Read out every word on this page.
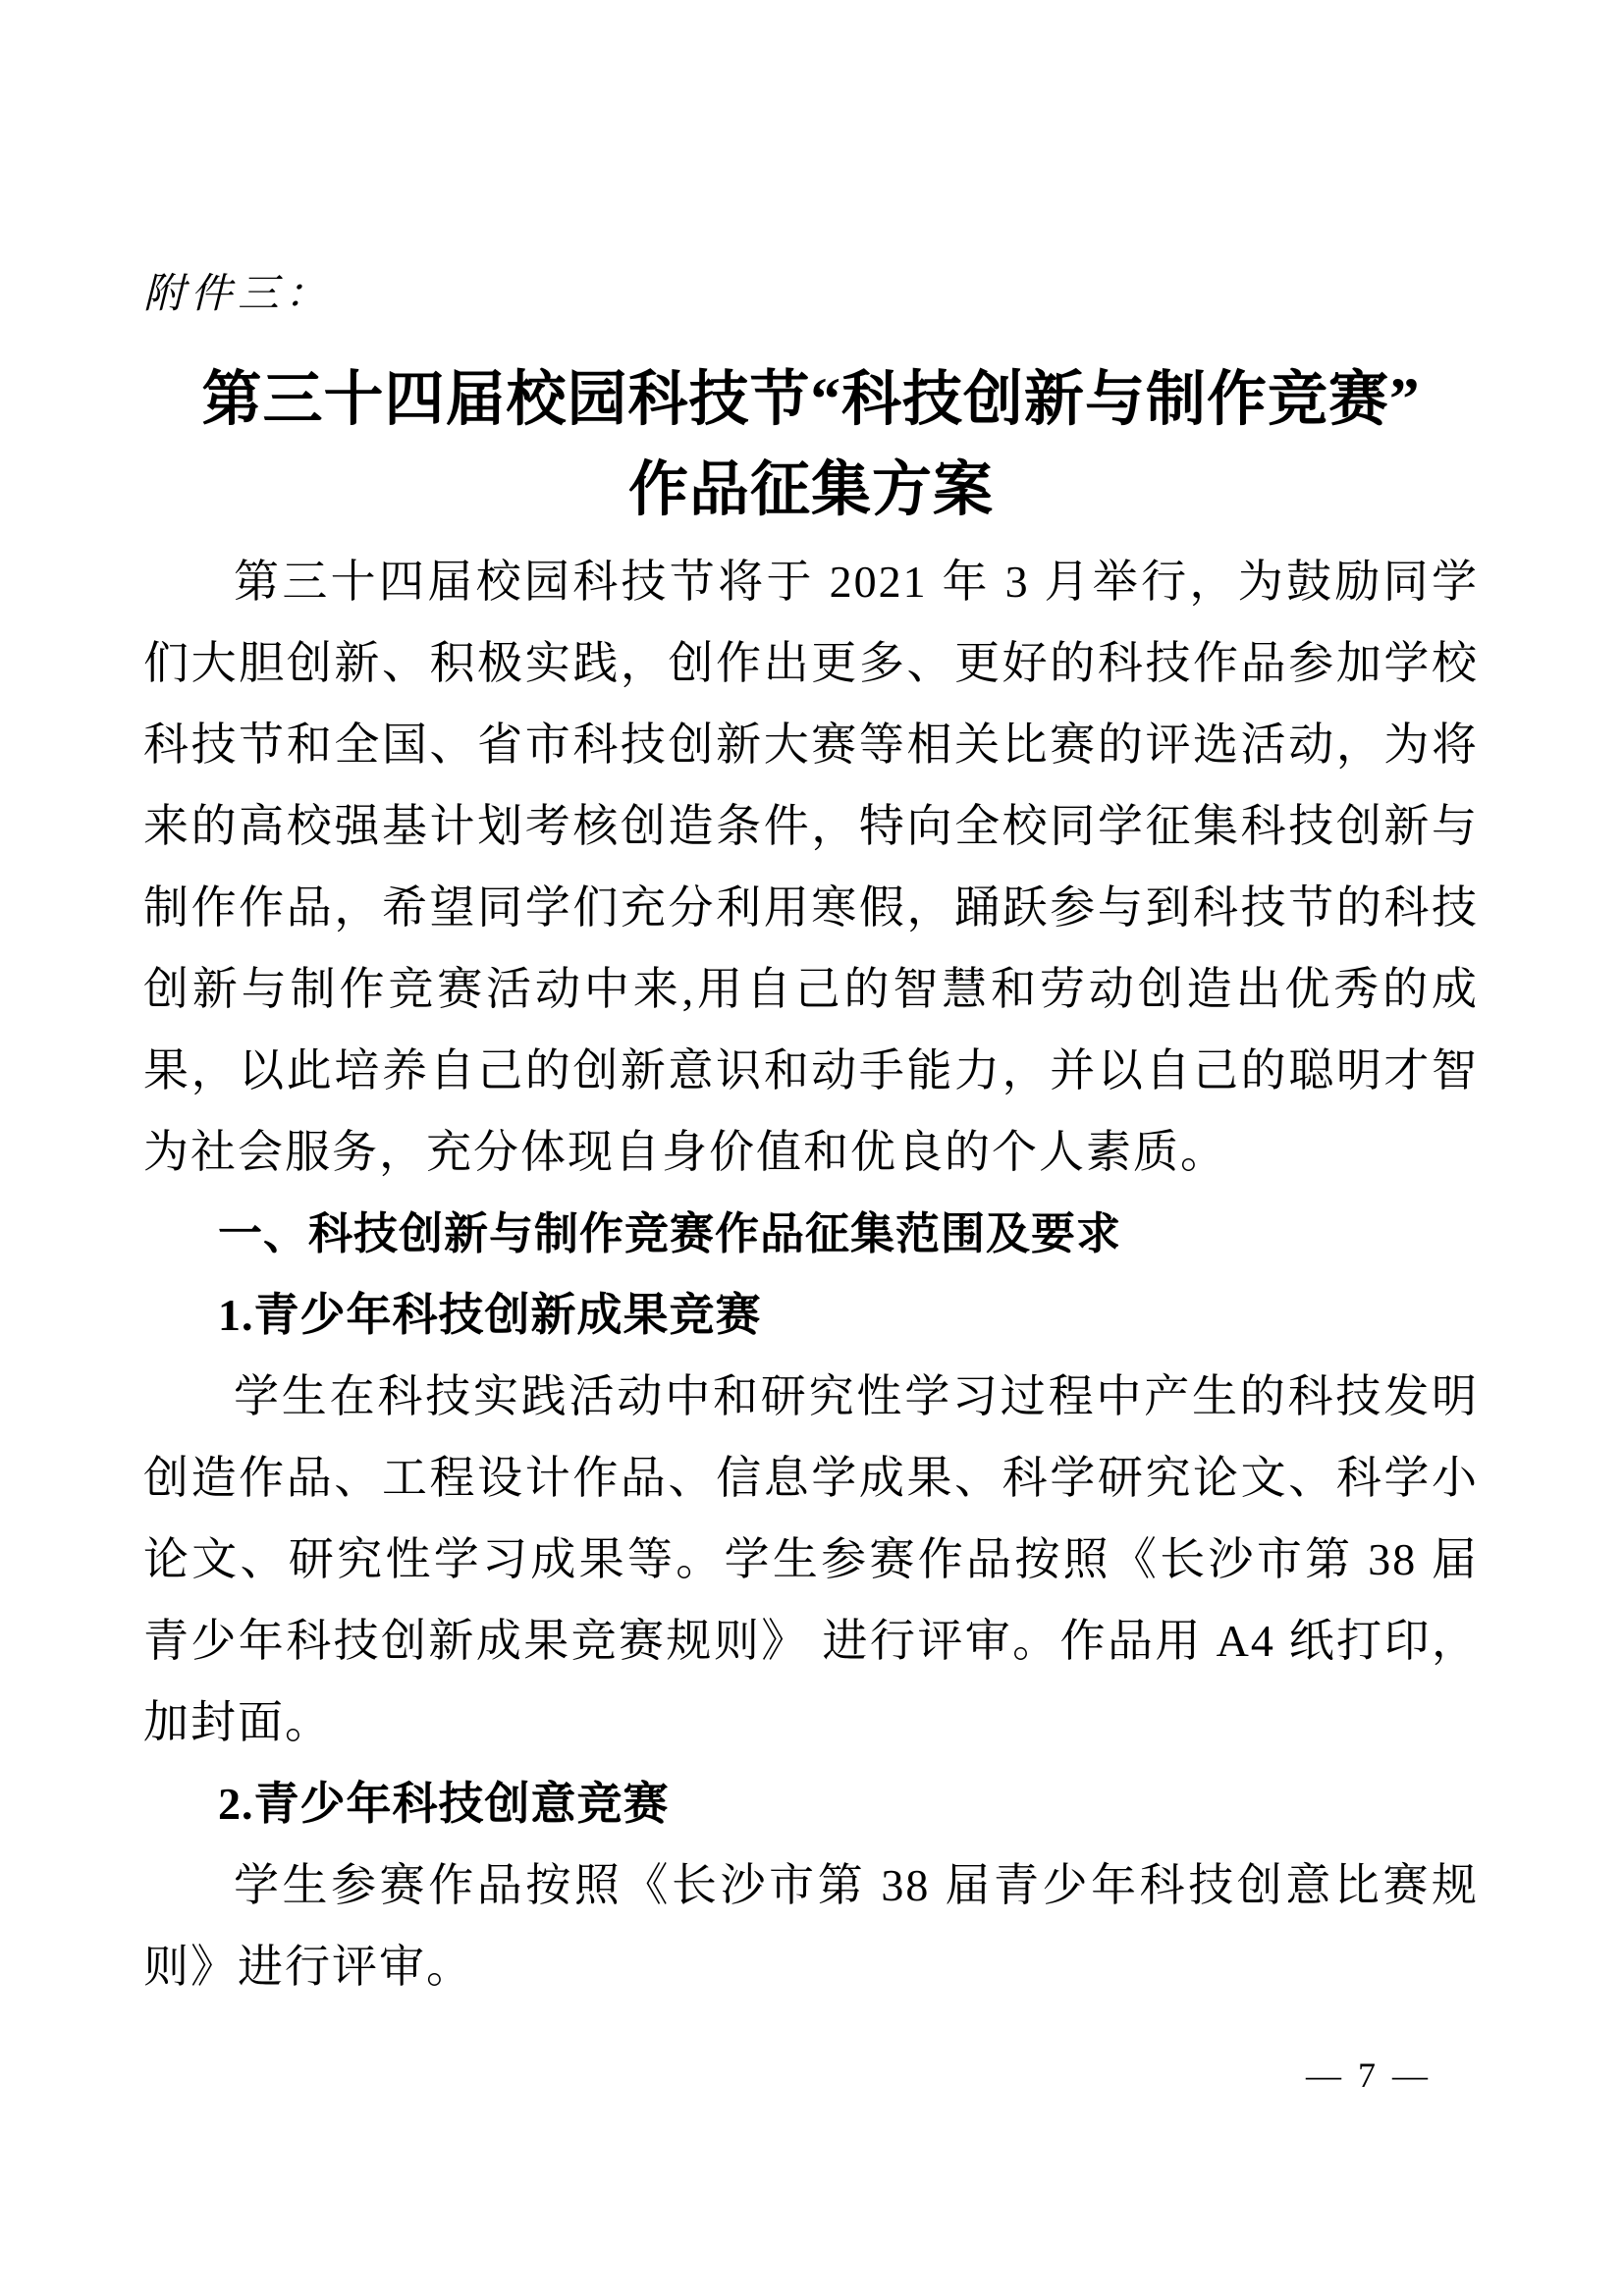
附件三：
第三十四届校园科技节“科技创新与制作竞赛”
作品征集方案

第三十四届校园科技节将于 2021 年 3 月举行，为鼓励同学们大胆创新、积极实践，创作出更多、更好的科技作品参加学校科技节和全国、省市科技创新大赛等相关比赛的评选活动，为将来的高校强基计划考核创造条件，特向全校同学征集科技创新与制作作品，希望同学们充分利用寒假，踊跃参与到科技节的科技创新与制作竞赛活动中来,用自己的智慧和劳动创造出优秀的成果，以此培养自己的创新意识和动手能力，并以自己的聪明才智为社会服务，充分体现自身价值和优良的个人素质。

一、科技创新与制作竞赛作品征集范围及要求
1.青少年科技创新成果竞赛

学生在科技实践活动中和研究性学习过程中产生的科技发明创造作品、工程设计作品、信息学成果、科学研究论文、科学小论文、研究性学习成果等。学生参赛作品按照《长沙市第 38 届青少年科技创新成果竞赛规则》 进行评审。作品用 A4 纸打印，加封面。

2.青少年科技创意竞赛

学生参赛作品按照《长沙市第 38 届青少年科技创意比赛规则》进行评审。

— 7 —
